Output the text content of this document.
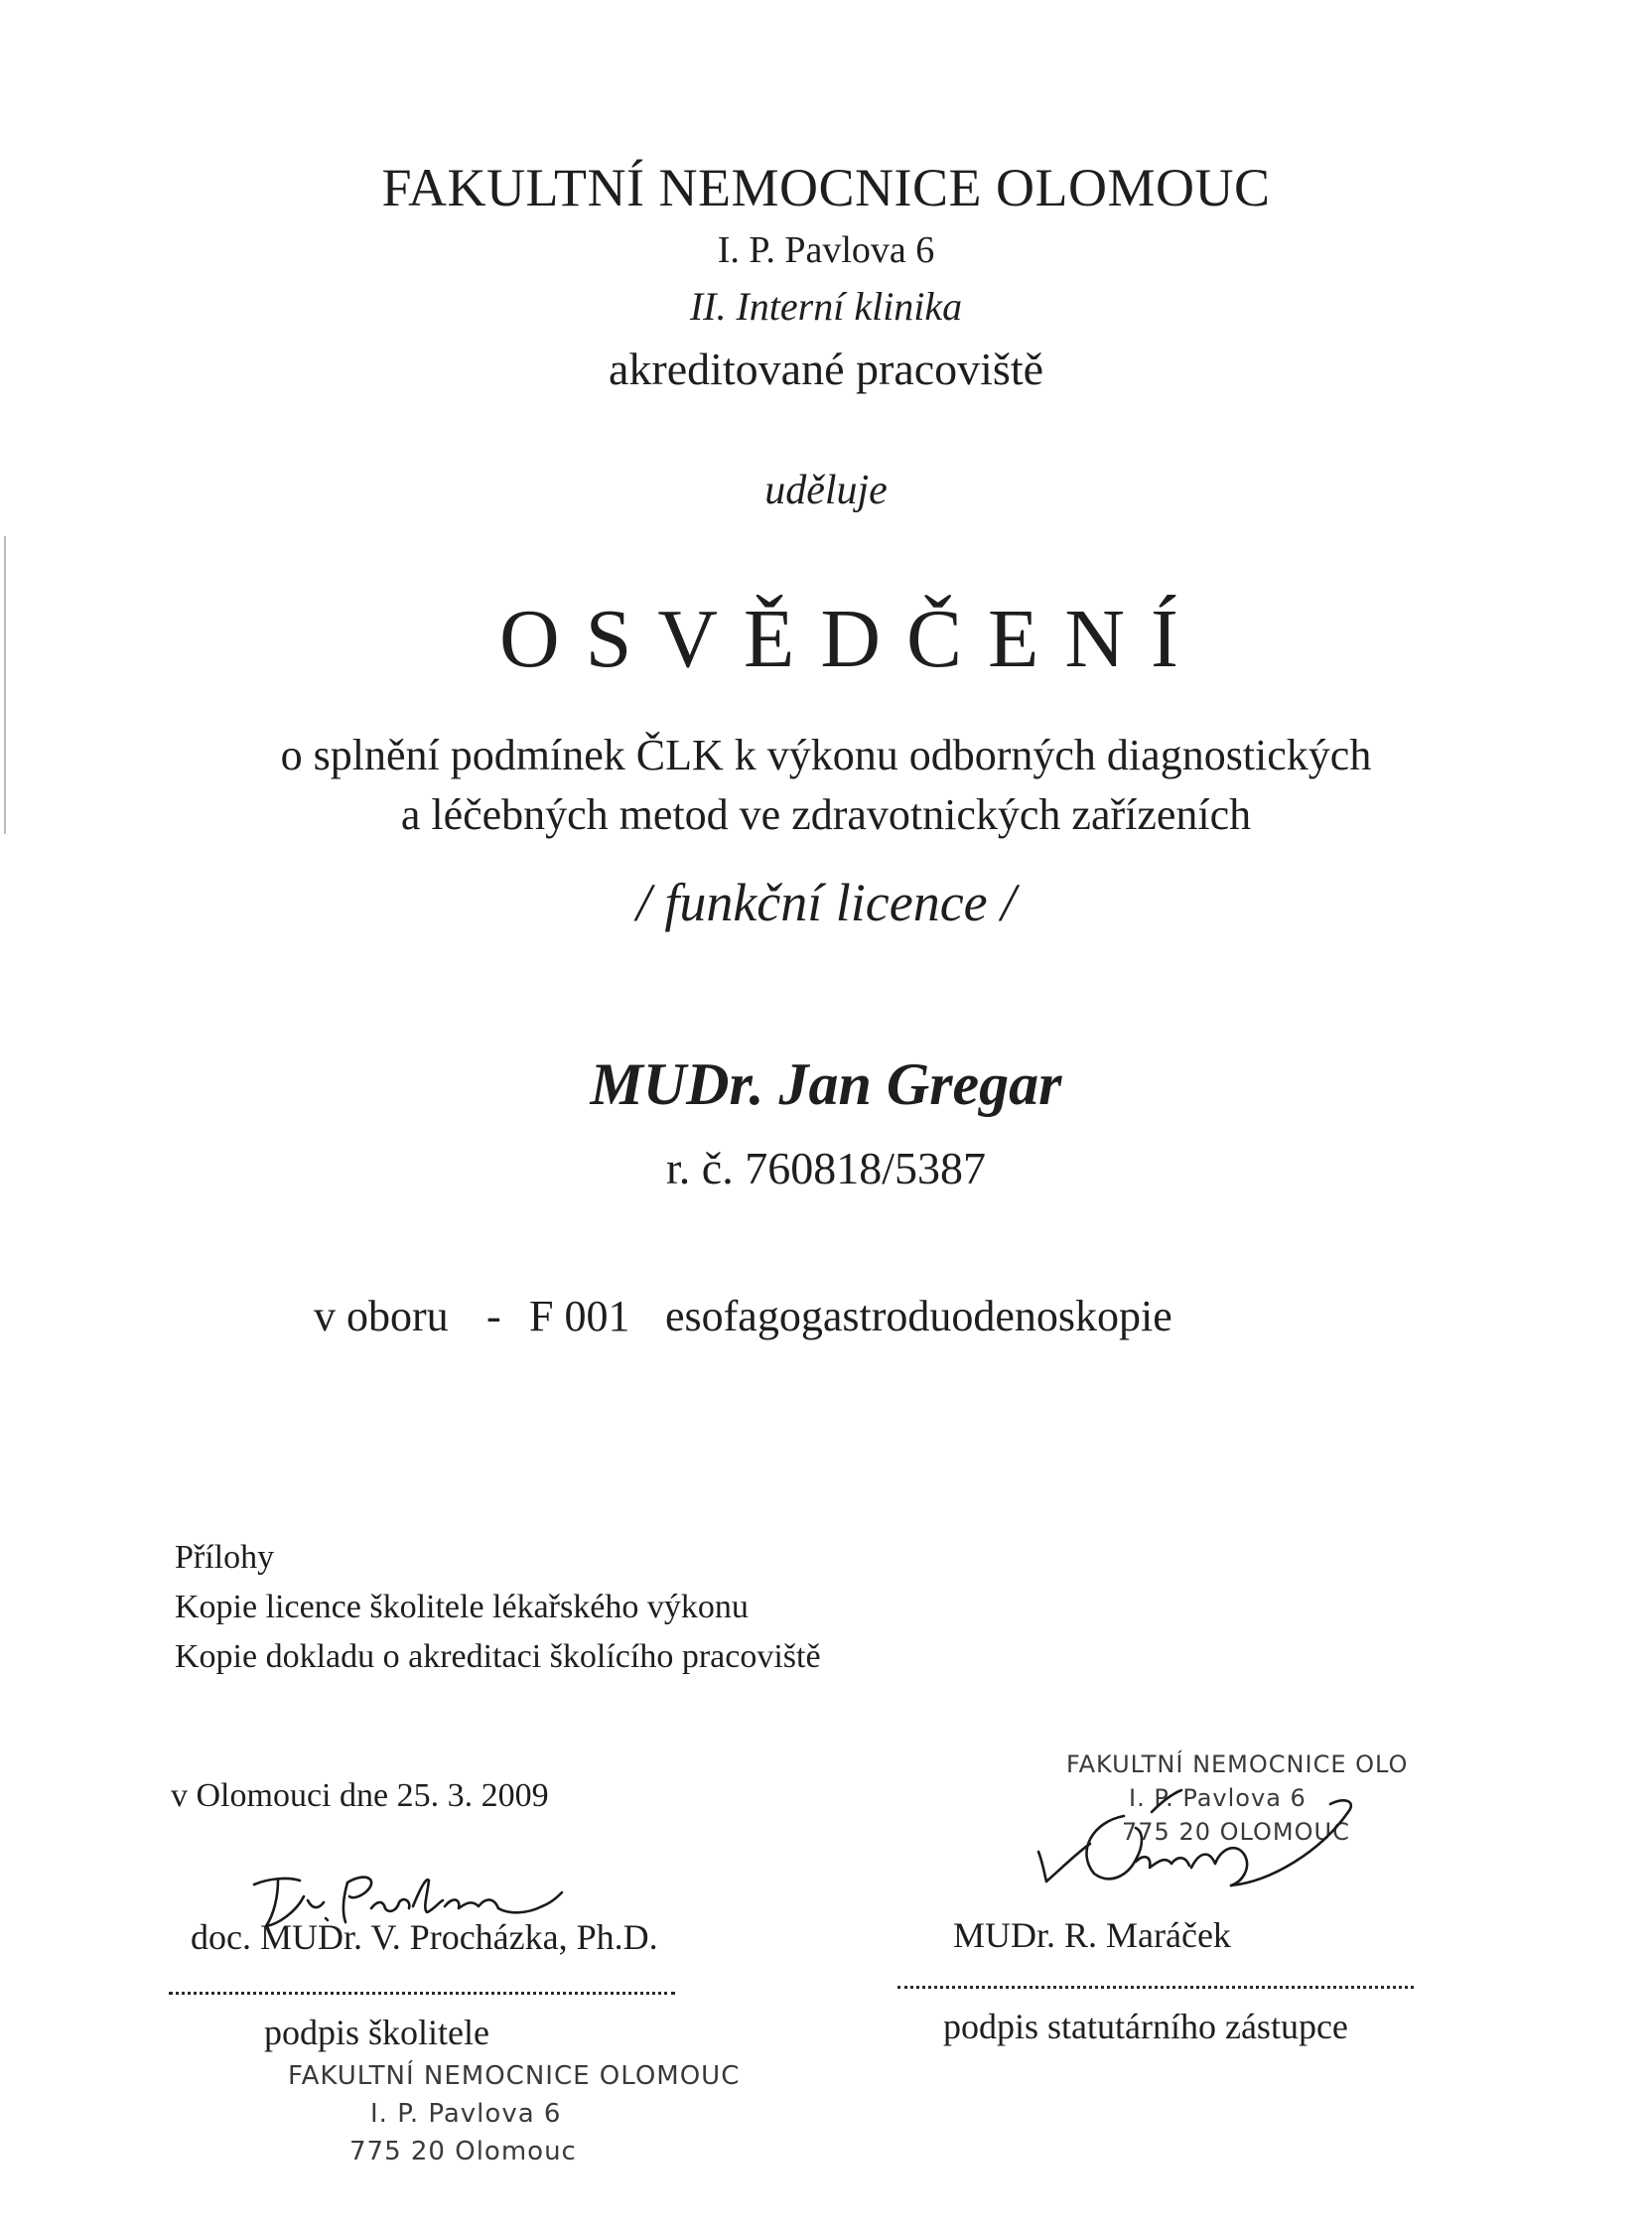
FAKULTNÍ NEMOCNICE OLOMOUC
I. P. Pavlova 6
II. Interní klinika
akreditované pracoviště
uděluje
OSVĚDČENÍ
o splnění podmínek ČLK k výkonu odborných diagnostických
a léčebných metod ve zdravotnických zařízeních
/ funkční licence /
MUDr. Jan Gregar
r. č. 760818/5387
v oboru - F 001 esofagogastroduodenoskopie
Přílohy
Kopie licence školitele lékařského výkonu
Kopie dokladu o akreditaci školícího pracoviště
v Olomouci dne 25. 3. 2009
doc. MUDr. V. Procházka, Ph.D.
podpis školitele
FAKULTNÍ NEMOCNICE OLOMOUC
I. P. Pavlova 6
775 20 Olomouc
FAKULTNÍ NEMOCNICE OLO
I. P. Pavlova 6
775 20 OLOMOUC
MUDr. R. Maráček
podpis statutárního zástupce
